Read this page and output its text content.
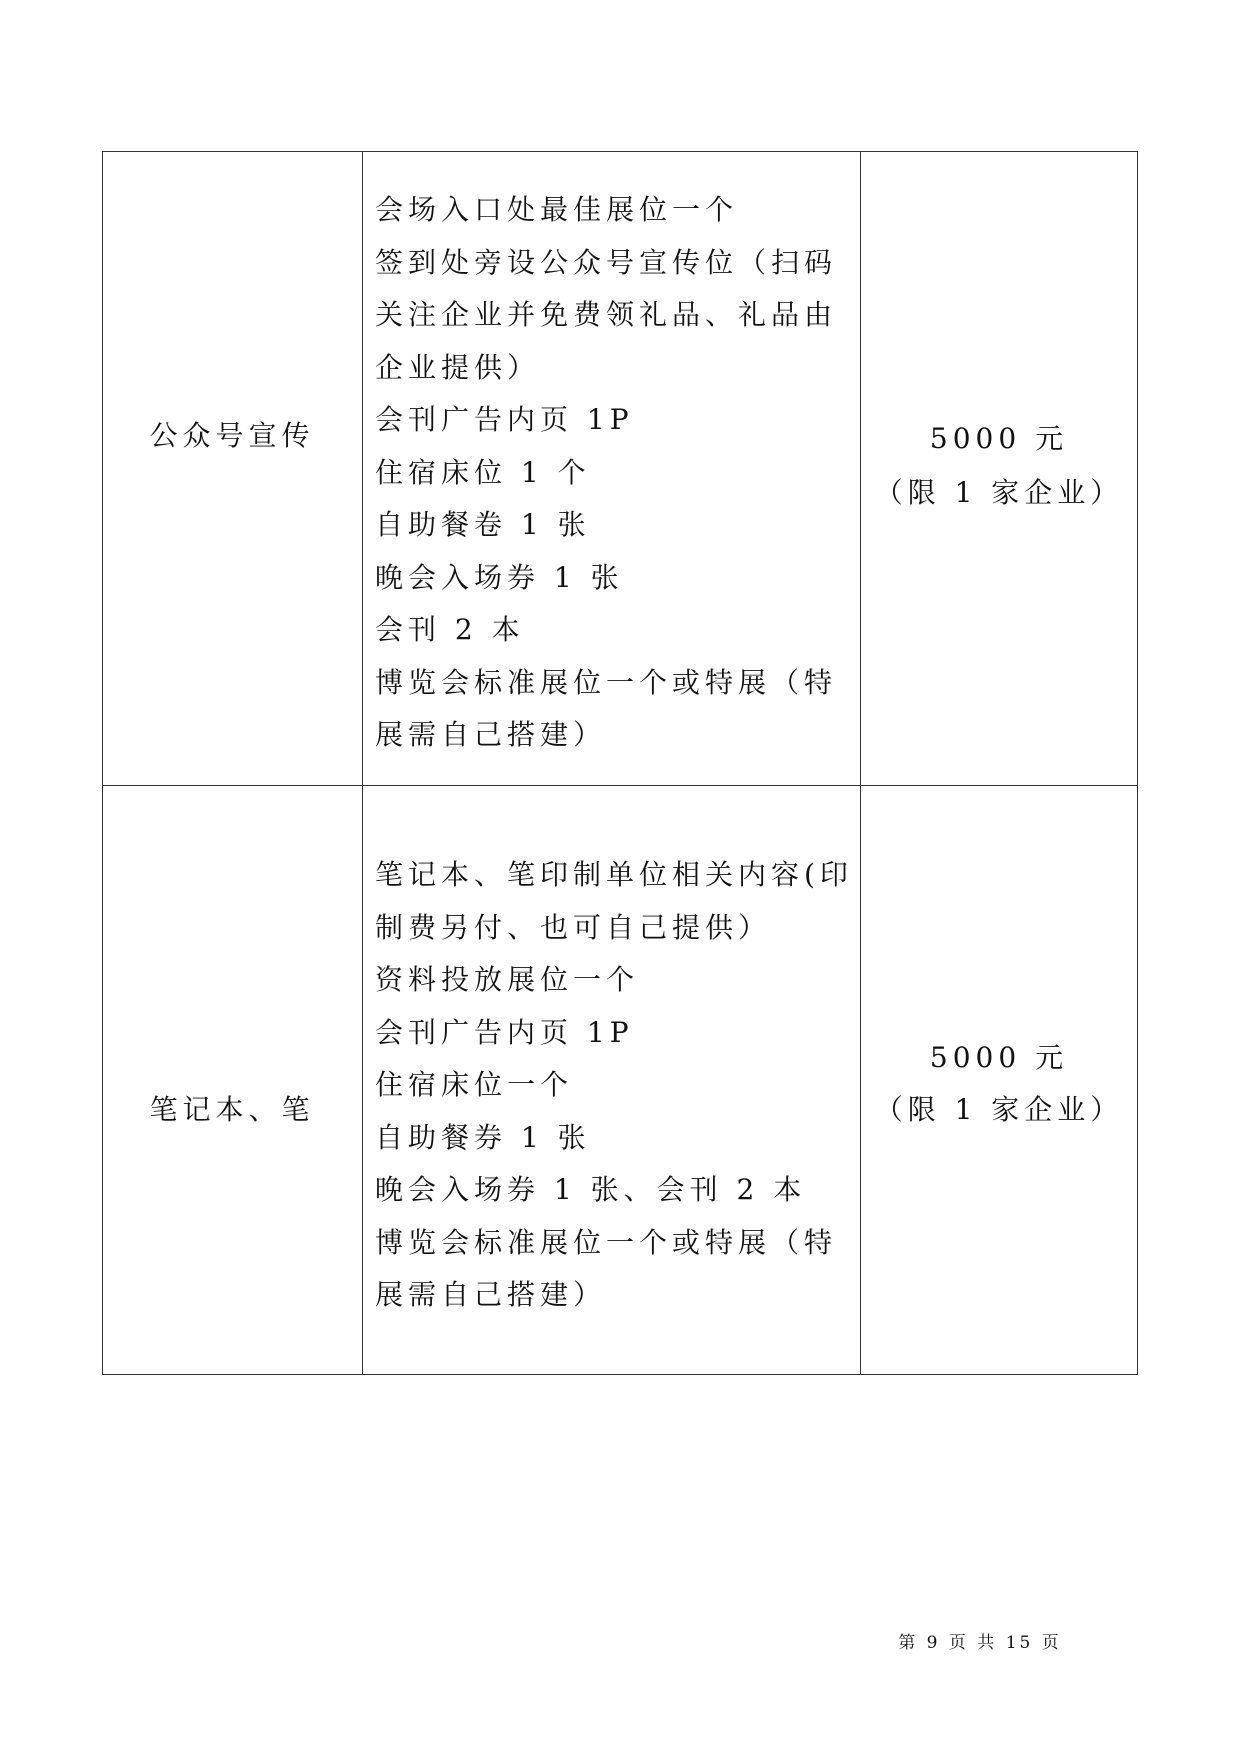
公众号宣传
会场入口处最佳展位一个
签到处旁设公众号宣传位（扫码
关注企业并免费领礼品、礼品由
企业提供）
会刊广告内页 1P
住宿床位 1 个
自助餐卷 1 张
晚会入场券 1 张
会刊 2 本
博览会标准展位一个或特展（特
展需自己搭建）
5000 元
（限 1 家企业）
笔记本、笔
笔记本、笔印制单位相关内容(印
制费另付、也可自己提供）
资料投放展位一个
会刊广告内页 1P
住宿床位一个
自助餐券 1 张
晚会入场券 1 张、会刊 2 本
博览会标准展位一个或特展（特
展需自己搭建）
5000 元
（限 1 家企业）
第 9 页 共 15 页
